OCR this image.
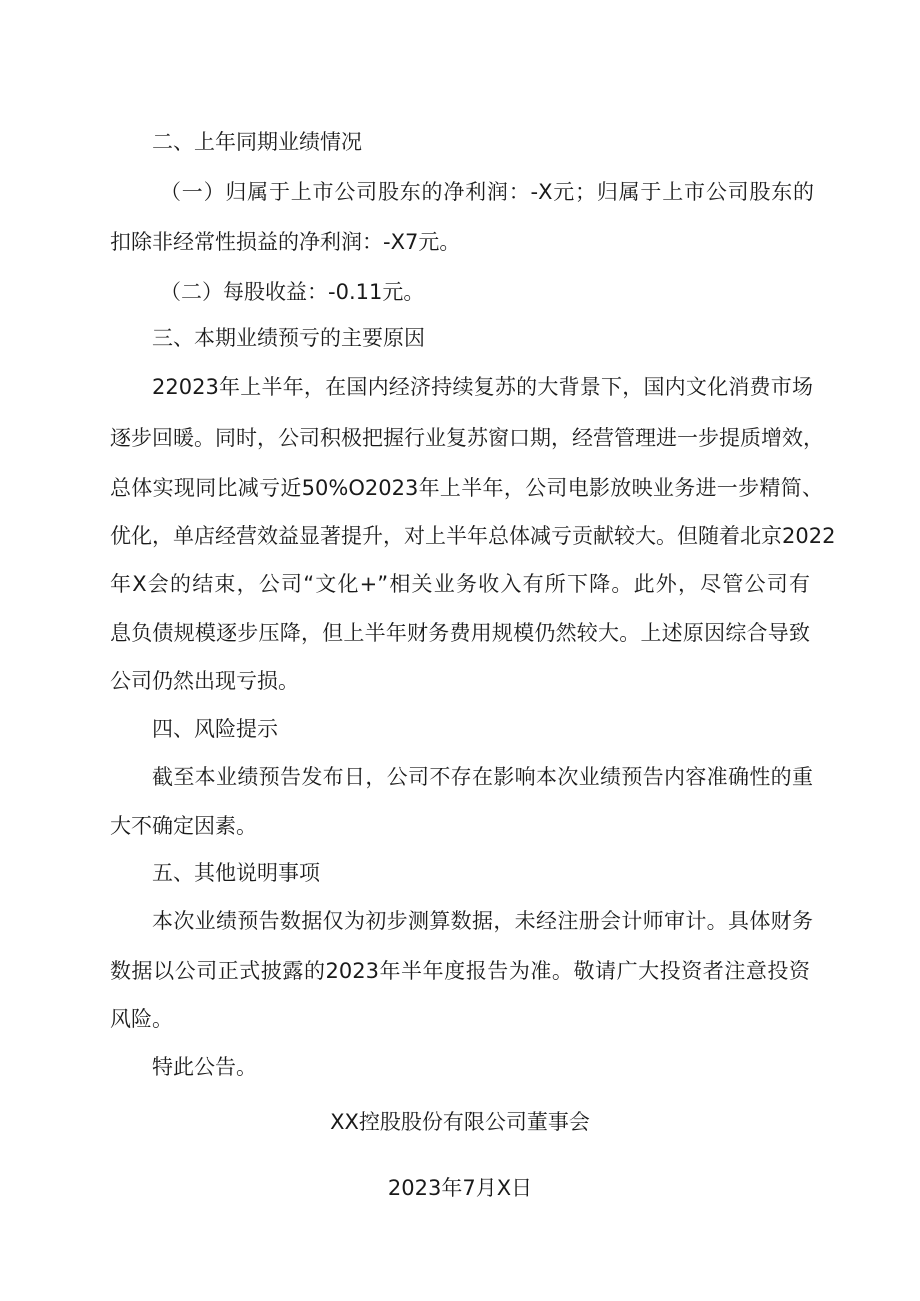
二、上年同期业绩情况
（一）归属于上市公司股东的净利润：-X元；归属于上市公司股东的
扣除非经常性损益的净利润：-X7元。
（二）每股收益：-0.11元。
三、本期业绩预亏的主要原因
22023年上半年，在国内经济持续复苏的大背景下，国内文化消费市场
逐步回暖。同时，公司积极把握行业复苏窗口期，经营管理进一步提质增效，
总体实现同比减亏近50%O2023年上半年，公司电影放映业务进一步精简、
优化，单店经营效益显著提升，对上半年总体减亏贡献较大。但随着北京2022
年X会的结束，公司“文化+”相关业务收入有所下降。此外，尽管公司有
息负债规模逐步压降，但上半年财务费用规模仍然较大。上述原因综合导致
公司仍然出现亏损。
四、风险提示
截至本业绩预告发布日，公司不存在影响本次业绩预告内容准确性的重
大不确定因素。
五、其他说明事项
本次业绩预告数据仅为初步测算数据，未经注册会计师审计。具体财务
数据以公司正式披露的2023年半年度报告为准。敬请广大投资者注意投资
风险。
特此公告。
XX控股股份有限公司董事会
2023年7月X日
